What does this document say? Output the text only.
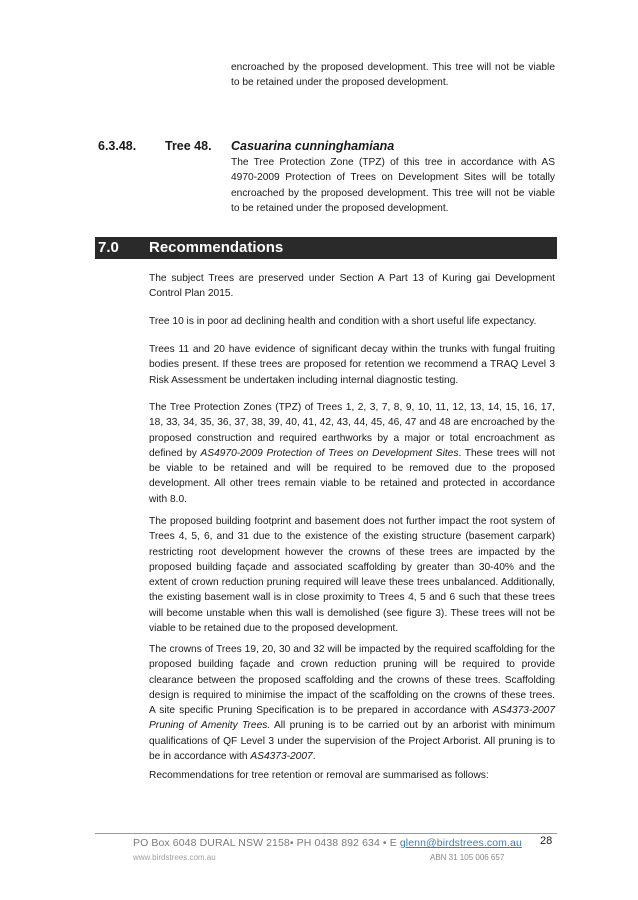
encroached by the proposed development. This tree will not be viable to be retained under the proposed development.

6.3.48. Tree 48. Casuarina cunninghamiana

The Tree Protection Zone (TPZ) of this tree in accordance with AS 4970-2009 Protection of Trees on Development Sites will be totally encroached by the proposed development. This tree will not be viable to be retained under the proposed development.

7.0 Recommendations

The subject Trees are preserved under Section A Part 13 of Kuring gai Development Control Plan 2015.

Tree 10 is in poor ad declining health and condition with a short useful life expectancy.

Trees 11 and 20 have evidence of significant decay within the trunks with fungal fruiting bodies present. If these trees are proposed for retention we recommend a TRAQ Level 3 Risk Assessment be undertaken including internal diagnostic testing.

The Tree Protection Zones (TPZ) of Trees 1, 2, 3, 7, 8, 9, 10, 11, 12, 13, 14, 15, 16, 17, 18, 33, 34, 35, 36, 37, 38, 39, 40, 41, 42, 43, 44, 45, 46, 47 and 48 are encroached by the proposed construction and required earthworks by a major or total encroachment as defined by AS4970-2009 Protection of Trees on Development Sites. These trees will not be viable to be retained and will be required to be removed due to the proposed development. All other trees remain viable to be retained and protected in accordance with 8.0.

The proposed building footprint and basement does not further impact the root system of Trees 4, 5, 6, and 31 due to the existence of the existing structure (basement carpark) restricting root development however the crowns of these trees are impacted by the proposed building façade and associated scaffolding by greater than 30-40% and the extent of crown reduction pruning required will leave these trees unbalanced. Additionally, the existing basement wall is in close proximity to Trees 4, 5 and 6 such that these trees will become unstable when this wall is demolished (see figure 3). These trees will not be viable to be retained due to the proposed development.

The crowns of Trees 19, 20, 30 and 32 will be impacted by the required scaffolding for the proposed building façade and crown reduction pruning will be required to provide clearance between the proposed scaffolding and the crowns of these trees. Scaffolding design is required to minimise the impact of the scaffolding on the crowns of these trees. A site specific Pruning Specification is to be prepared in accordance with AS4373-2007 Pruning of Amenity Trees. All pruning is to be carried out by an arborist with minimum qualifications of QF Level 3 under the supervision of the Project Arborist. All pruning is to be in accordance with AS4373-2007.

Recommendations for tree retention or removal are summarised as follows:

PO Box 6048 DURAL NSW 2158• PH 0438 892 634 • E glenn@birdstrees.com.au
www.birdstrees.com.au	ABN 31 105 006 657
28
